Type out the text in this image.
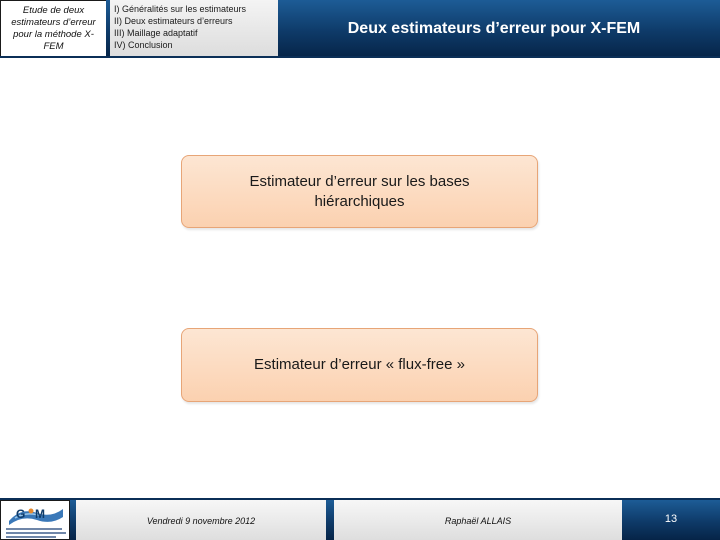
Etude de deux estimateurs d’erreur pour la méthode X-FEM
I) Généralités sur les estimateurs
II) Deux estimateurs d’erreurs
III) Maillage adaptatif
IV) Conclusion
Deux estimateurs d’erreur pour X-FEM
Estimateur d’erreur sur les bases hiérarchiques
Estimateur d’erreur « flux-free »
G M	Vendredi 9 novembre 2012	Raphaël ALLAIS	13
